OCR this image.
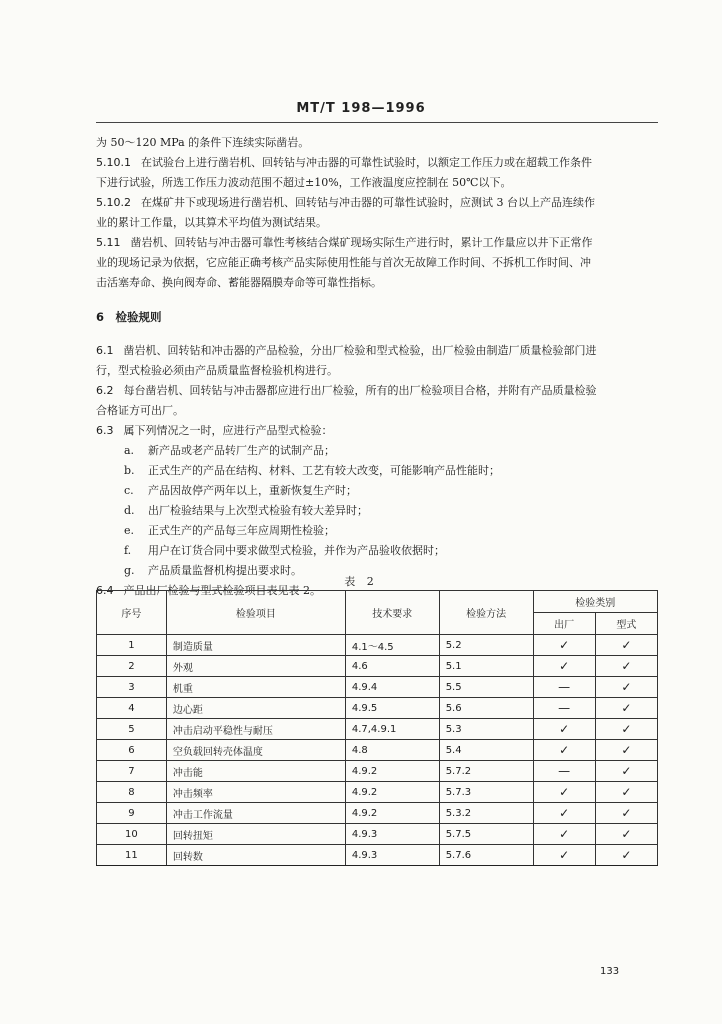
MT/T 198—1996

为 50～120 MPa 的条件下连续实际凿岩。

5.10.1 在试验台上进行凿岩机、回转钻与冲击器的可靠性试验时，以额定工作压力或在超载工作条件

下进行试验，所选工作压力波动范围不超过±10%，工作液温度应控制在 50℃以下。

5.10.2 在煤矿井下或现场进行凿岩机、回转钻与冲击器的可靠性试验时，应测试 3 台以上产品连续作

业的累计工作量，以其算术平均值为测试结果。

5.11 凿岩机、回转钻与冲击器可靠性考核结合煤矿现场实际生产进行时，累计工作量应以井下正常作

业的现场记录为依据，它应能正确考核产品实际使用性能与首次无故障工作时间、不拆机工作时间、冲

击活塞寿命、换向阀寿命、蓄能器隔膜寿命等可靠性指标。

6　检验规则

6.1 凿岩机、回转钻和冲击器的产品检验，分出厂检验和型式检验，出厂检验由制造厂质量检验部门进

行，型式检验必须由产品质量监督检验机构进行。

6.2 每台凿岩机、回转钻与冲击器都应进行出厂检验，所有的出厂检验项目合格，并附有产品质量检验

合格证方可出厂。

6.3 属下列情况之一时，应进行产品型式检验：

a. 新产品或老产品转厂生产的试制产品；
b. 正式生产的产品在结构、材料、工艺有较大改变，可能影响产品性能时；
c. 产品因故停产两年以上，重新恢复生产时；
d. 出厂检验结果与上次型式检验有较大差异时；
e. 正式生产的产品每三年应周期性检验；
f. 用户在订货合同中要求做型式检验，并作为产品验收依据时；
g. 产品质量监督机构提出要求时。

6.4 产品出厂检验与型式检验项目表见表 2。

表 2
序号	检验项目	技术要求	检验方法	检验类别	
				出厂	型式
1	制造质量	4.1～4.5	5.2	✓	✓
2	外观	4.6	5.1	✓	✓
3	机重	4.9.4	5.5	—	✓
4	边心距	4.9.5	5.6	—	✓
5	冲击启动平稳性与耐压	4.7,4.9.1	5.3	✓	✓
6	空负载回转壳体温度	4.8	5.4	✓	✓
7	冲击能	4.9.2	5.7.2	—	✓
8	冲击频率	4.9.2	5.7.3	✓	✓
9	冲击工作流量	4.9.2	5.3.2	✓	✓
10	回转扭矩	4.9.3	5.7.5	✓	✓
11	回转数	4.9.3	5.7.6	✓	✓
133
